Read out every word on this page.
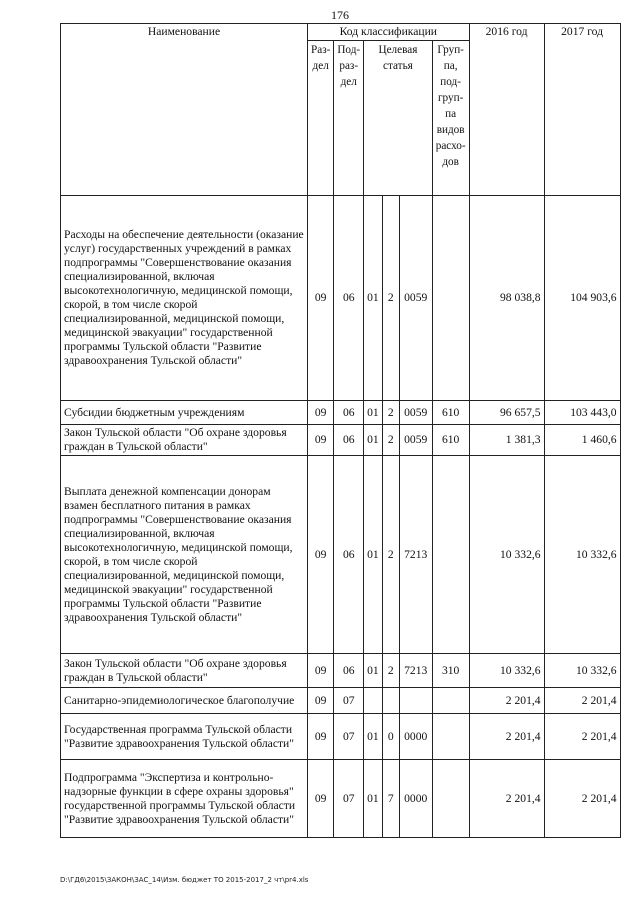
176
Наименование	Код классификации						2016 год	2017 год
	Раз-дел	Под-раз-дел	Целевая статья			Груп-па, под-груп-па видов расхо-дов		
Расходы на обеспечение деятельности (оказание услуг) государственных учреждений в рамках подпрограммы "Совершенствование оказания специализированной, включая высокотехнологичную, медицинской помощи, скорой, в том числе скорой специализированной, медицинской помощи, медицинской эвакуации" государственной программы Тульской области "Развитие здравоохранения Тульской области"	09	06	01	2	0059		98 038,8	104 903,6
Субсидии бюджетным учреждениям	09	06	01	2	0059	610	96 657,5	103 443,0
Закон Тульской области "Об охране здоровья граждан в Тульской области"	09	06	01	2	0059	610	1 381,3	1 460,6
Выплата денежной компенсации донорам взамен бесплатного питания в рамках подпрограммы "Совершенствование оказания специализированной, включая высокотехнологичную, медицинской помощи, скорой, в том числе скорой специализированной, медицинской помощи, медицинской эвакуации" государственной программы Тульской области "Развитие здравоохранения Тульской области"	09	06	01	2	7213		10 332,6	10 332,6
Закон Тульской области "Об охране здоровья граждан в Тульской области"	09	06	01	2	7213	310	10 332,6	10 332,6
Санитарно-эпидемиологическое благополучие	09	07					2 201,4	2 201,4
Государственная программа Тульской области "Развитие здравоохранения Тульской области"	09	07	01	0	0000		2 201,4	2 201,4
Подпрограмма "Экспертиза и контрольно-надзорные функции в сфере охраны здоровья" государственной программы Тульской области "Развитие здравоохранения Тульской области"	09	07	01	7	0000		2 201,4	2 201,4
D:\ГД6\2015\ЗАКОН\ЗАС_14\Изм. бюджет ТО 2015-2017_2 чт\pr4.xls
